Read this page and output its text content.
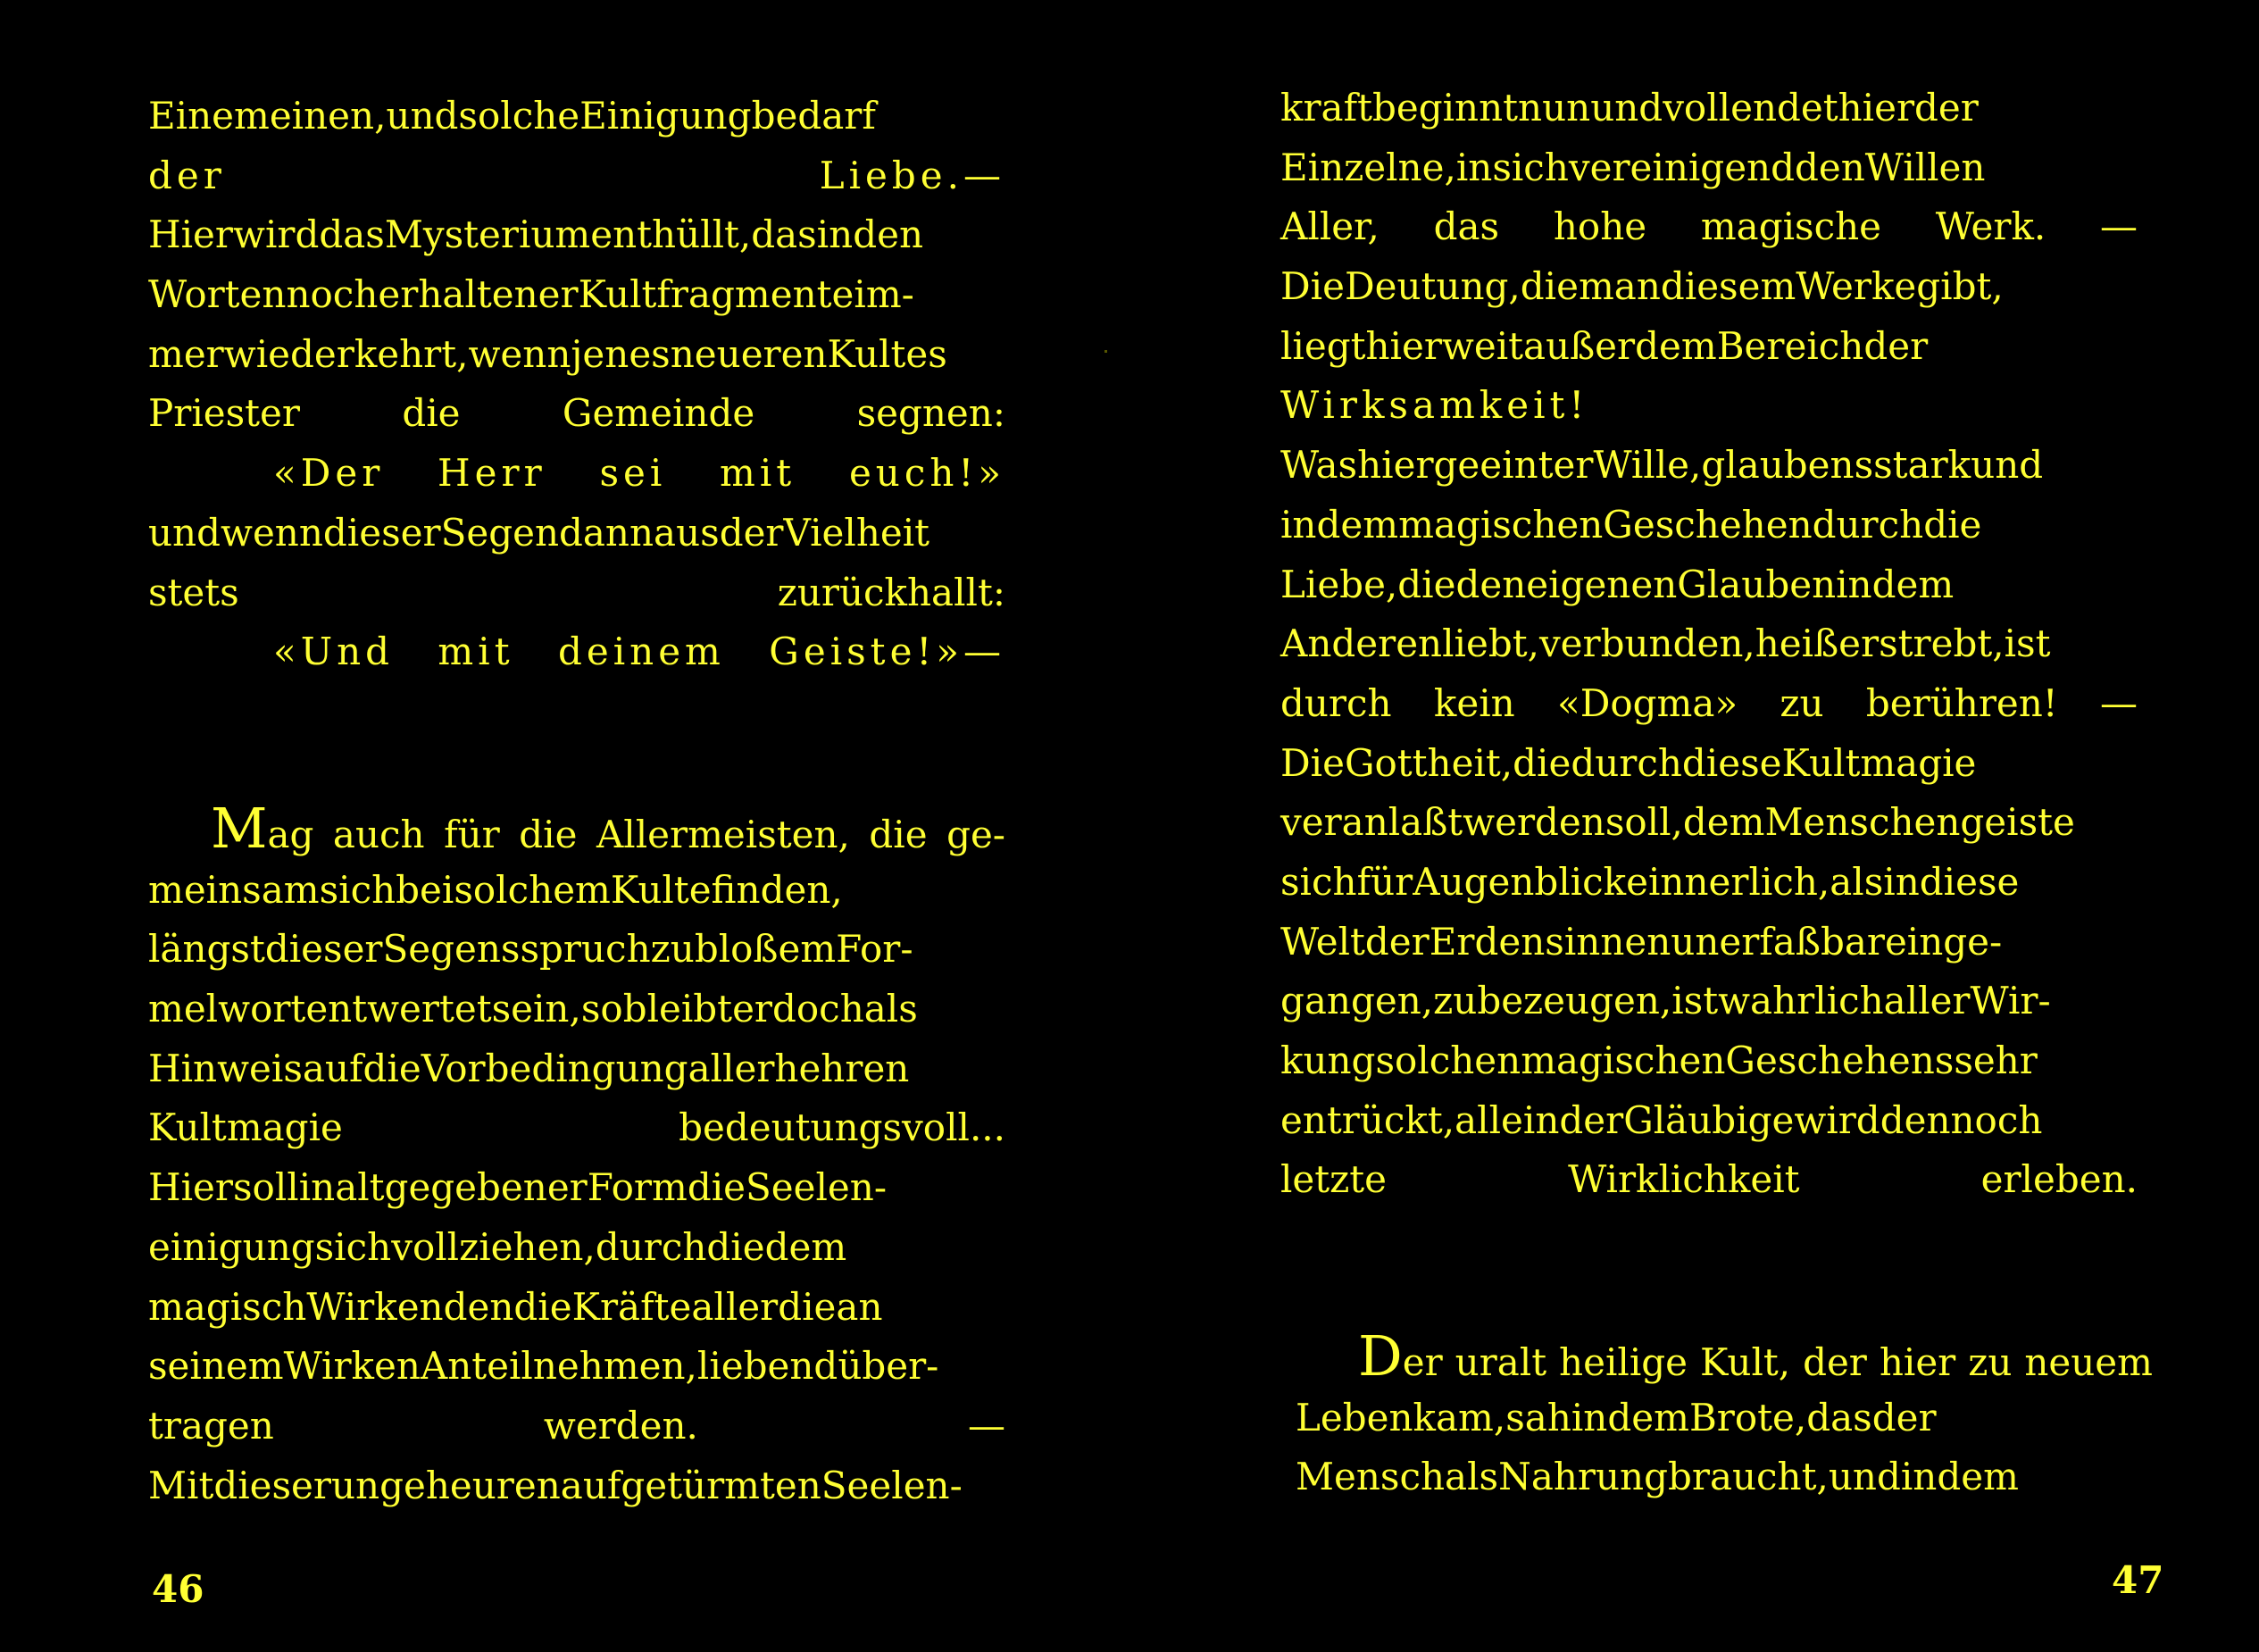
Einemeinen,undsolcheEinigungbedarf
der Liebe.—
HierwirddasMysteriumenthüllt,dasinden
WortennocherhaltenerKultfragmenteim-
merwiederkehrt,wennjenesneuerenKultes
Priester die Gemeinde segnen:
«Der Herr sei mit euch!»
undwenndieserSegendannausderVielheit
stets zurückhallt:
«Und mit deinem Geiste!»—
Mag auch für die Allermeisten, die ge-
meinsamsichbeisolchemKultefinden,
längstdieserSegensspruchzubloßemFor-
melwortentwertetsein,sobleibterdochals
HinweisaufdieVorbedingungallerhehren
Kultmagie bedeutungsvoll...
HiersollinaltgegebenerFormdieSeelen-
einigungsichvollziehen,durchdiedem
magischWirkendendieKräfteallerdiean
seinemWirkenAnteilnehmen,liebendüber-
tragen werden. —
MitdieserungeheurenaufgetürmtenSeelen-
46
kraftbeginntnunundvollendethierder
Einzelne,insichvereinigenddenWillen
Aller, das hohe magische Werk. —
DieDeutung,diemandiesemWerkegibt,
liegthierweitaußerdemBereichder
Wirksamkeit!
WashiergeeinterWille,glaubensstarkund
indemmagischenGeschehendurchdie
Liebe,diedeneigenenGlaubenindem
Anderenliebt,verbunden,heißerstrebt,ist
durch kein «Dogma» zu berühren! —
DieGottheit,diedurchdieseKultmagie
veranlaßtwerdensoll,demMenschengeiste
sichfürAugenblickeinnerlich,alsindiese
WeltderErdensinnenunerfaßbareinge-
gangen,zubezeugen,istwahrlichallerWir-
kungsolchenmagischenGeschehenssehr
entrückt,alleinderGläubigewirddennoch
letzte Wirklichkeit erleben.
Der uralt heilige Kult, der hier zu neuem
Lebenkam,sahindemBrote,dasder
MenschalsNahrungbraucht,undindem
47
